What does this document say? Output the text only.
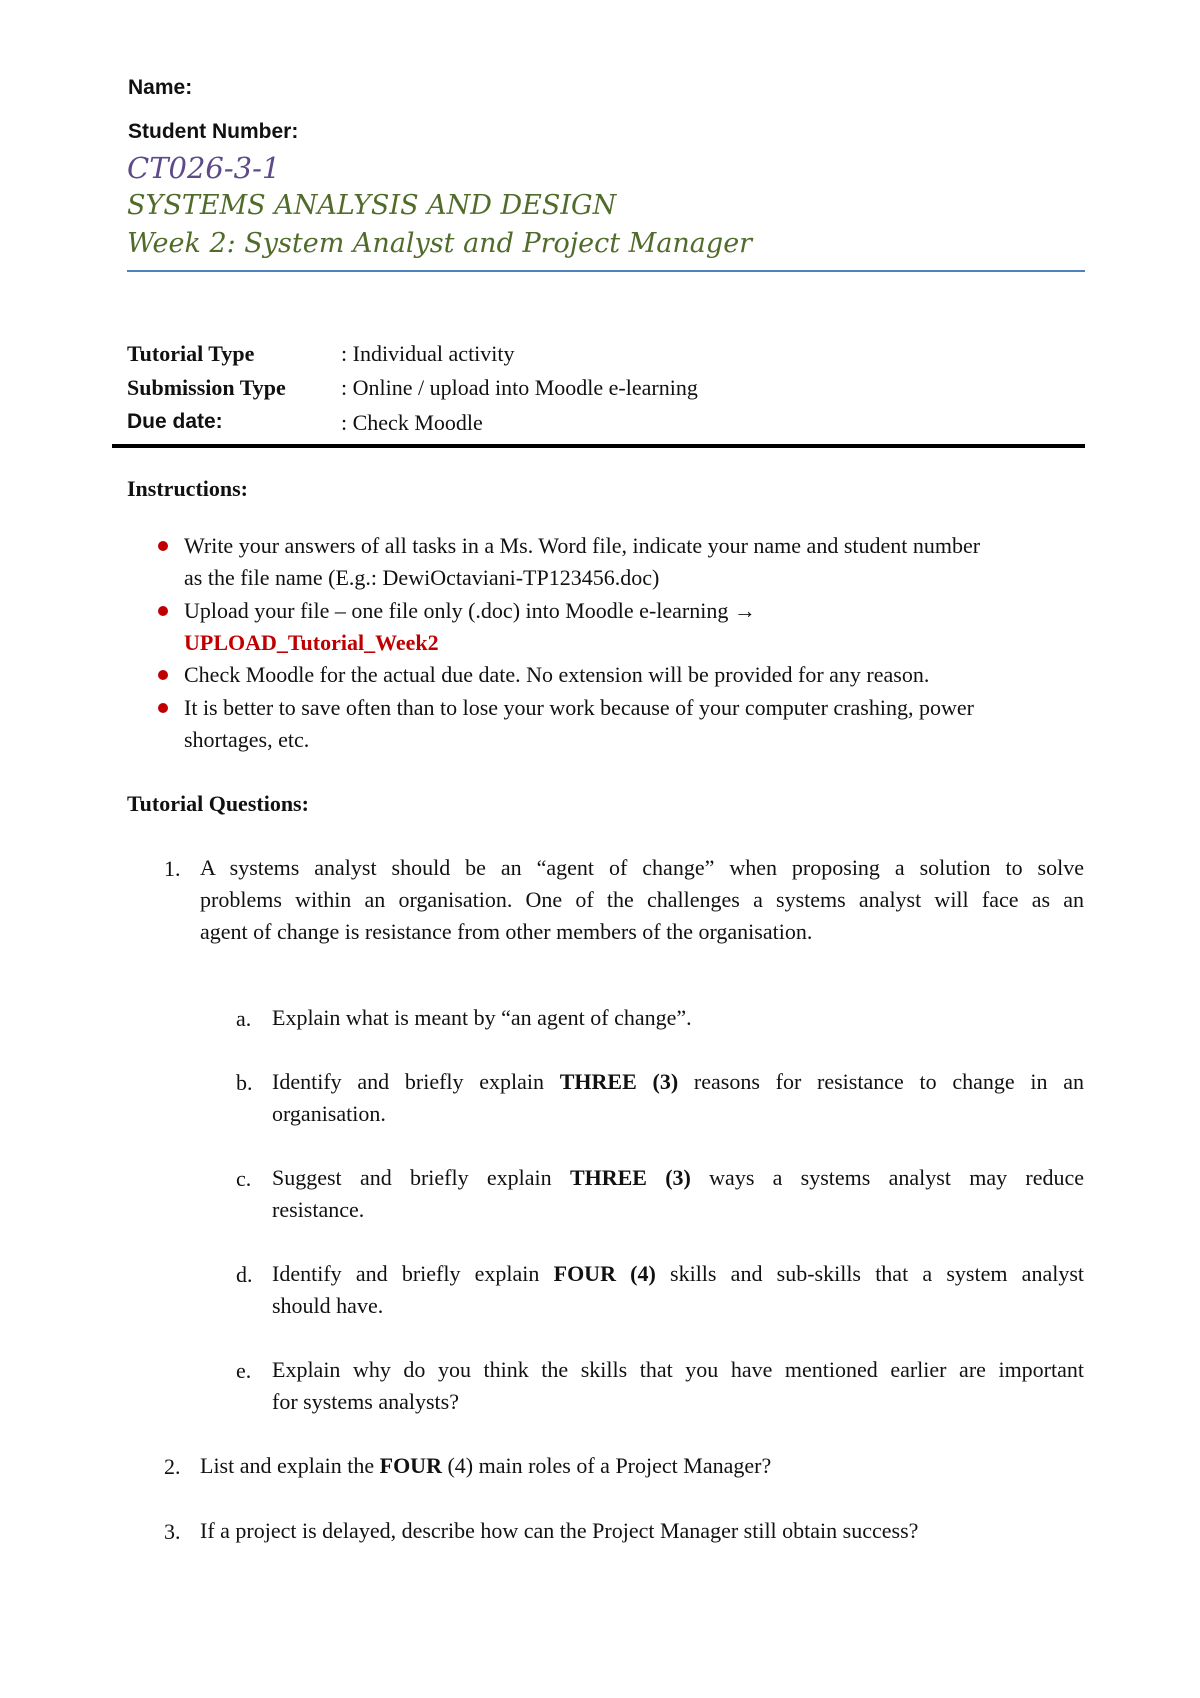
Name:
Student Number:
CT026-3-1
SYSTEMS ANALYSIS AND DESIGN
Week 2: System Analyst and Project Manager
Tutorial Type	: Individual activity
Submission Type	: Online / upload into Moodle e-learning
Due date:	: Check Moodle
Instructions:
Write your answers of all tasks in a Ms. Word file, indicate your name and student number
as the file name (E.g.: DewiOctaviani-TP123456.doc)
Upload your file – one file only (.doc) into Moodle e-learning →
UPLOAD_Tutorial_Week2
Check Moodle for the actual due date. No extension will be provided for any reason.
It is better to save often than to lose your work because of your computer crashing, power
shortages, etc.
Tutorial Questions:
1. A systems analyst should be an “agent of change” when proposing a solution to solve
problems within an organisation. One of the challenges a systems analyst will face as an
agent of change is resistance from other members of the organisation.
a. Explain what is meant by “an agent of change”.
b. Identify and briefly explain THREE (3) reasons for resistance to change in an
organisation.
c. Suggest and briefly explain THREE (3) ways a systems analyst may reduce
resistance.
d. Identify and briefly explain FOUR (4) skills and sub-skills that a system analyst
should have.
e. Explain why do you think the skills that you have mentioned earlier are important
for systems analysts?
2. List and explain the FOUR (4) main roles of a Project Manager?
3. If a project is delayed, describe how can the Project Manager still obtain success?
